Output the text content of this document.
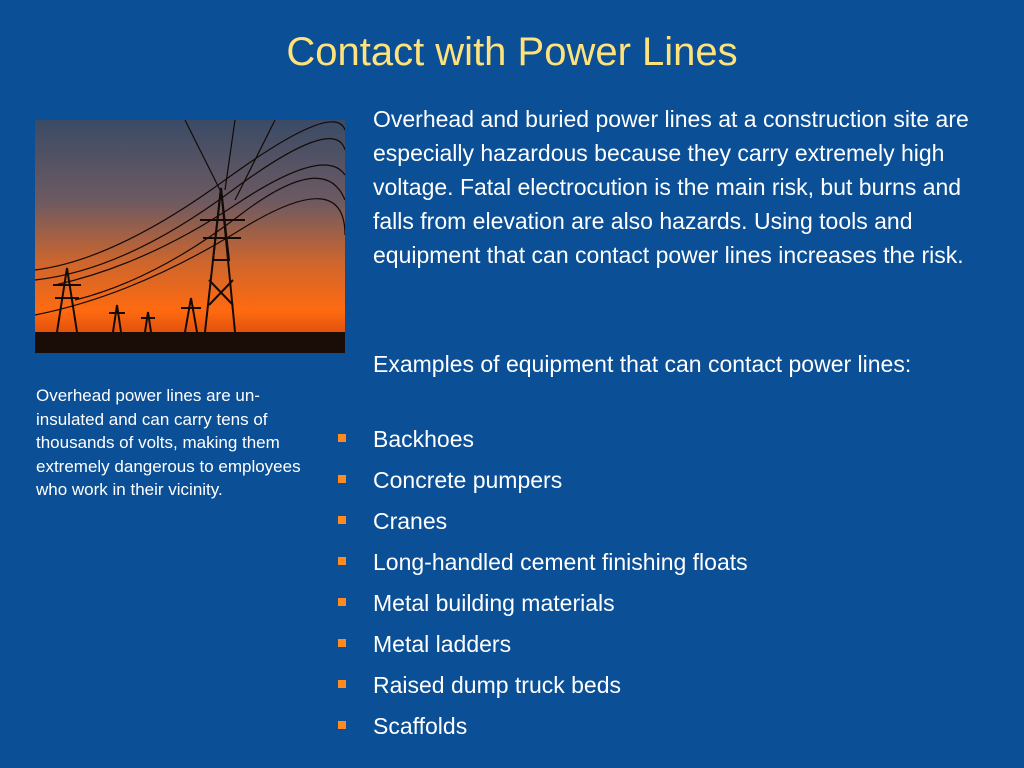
Contact with Power Lines
Overhead power lines are un-insulated and can carry tens of thousands of volts, making them extremely dangerous to employees who work in their vicinity.

Overhead and buried power lines at a construction site are especially hazardous because they carry extremely high voltage. Fatal electrocution is the main risk, but burns and falls from elevation are also hazards. Using tools and equipment that can contact power lines increases the risk.

Examples of equipment that can contact power lines:

Backhoes
Concrete pumpers
Cranes
Long-handled cement finishing floats
Metal building materials
Metal ladders
Raised dump truck beds
Scaffolds
